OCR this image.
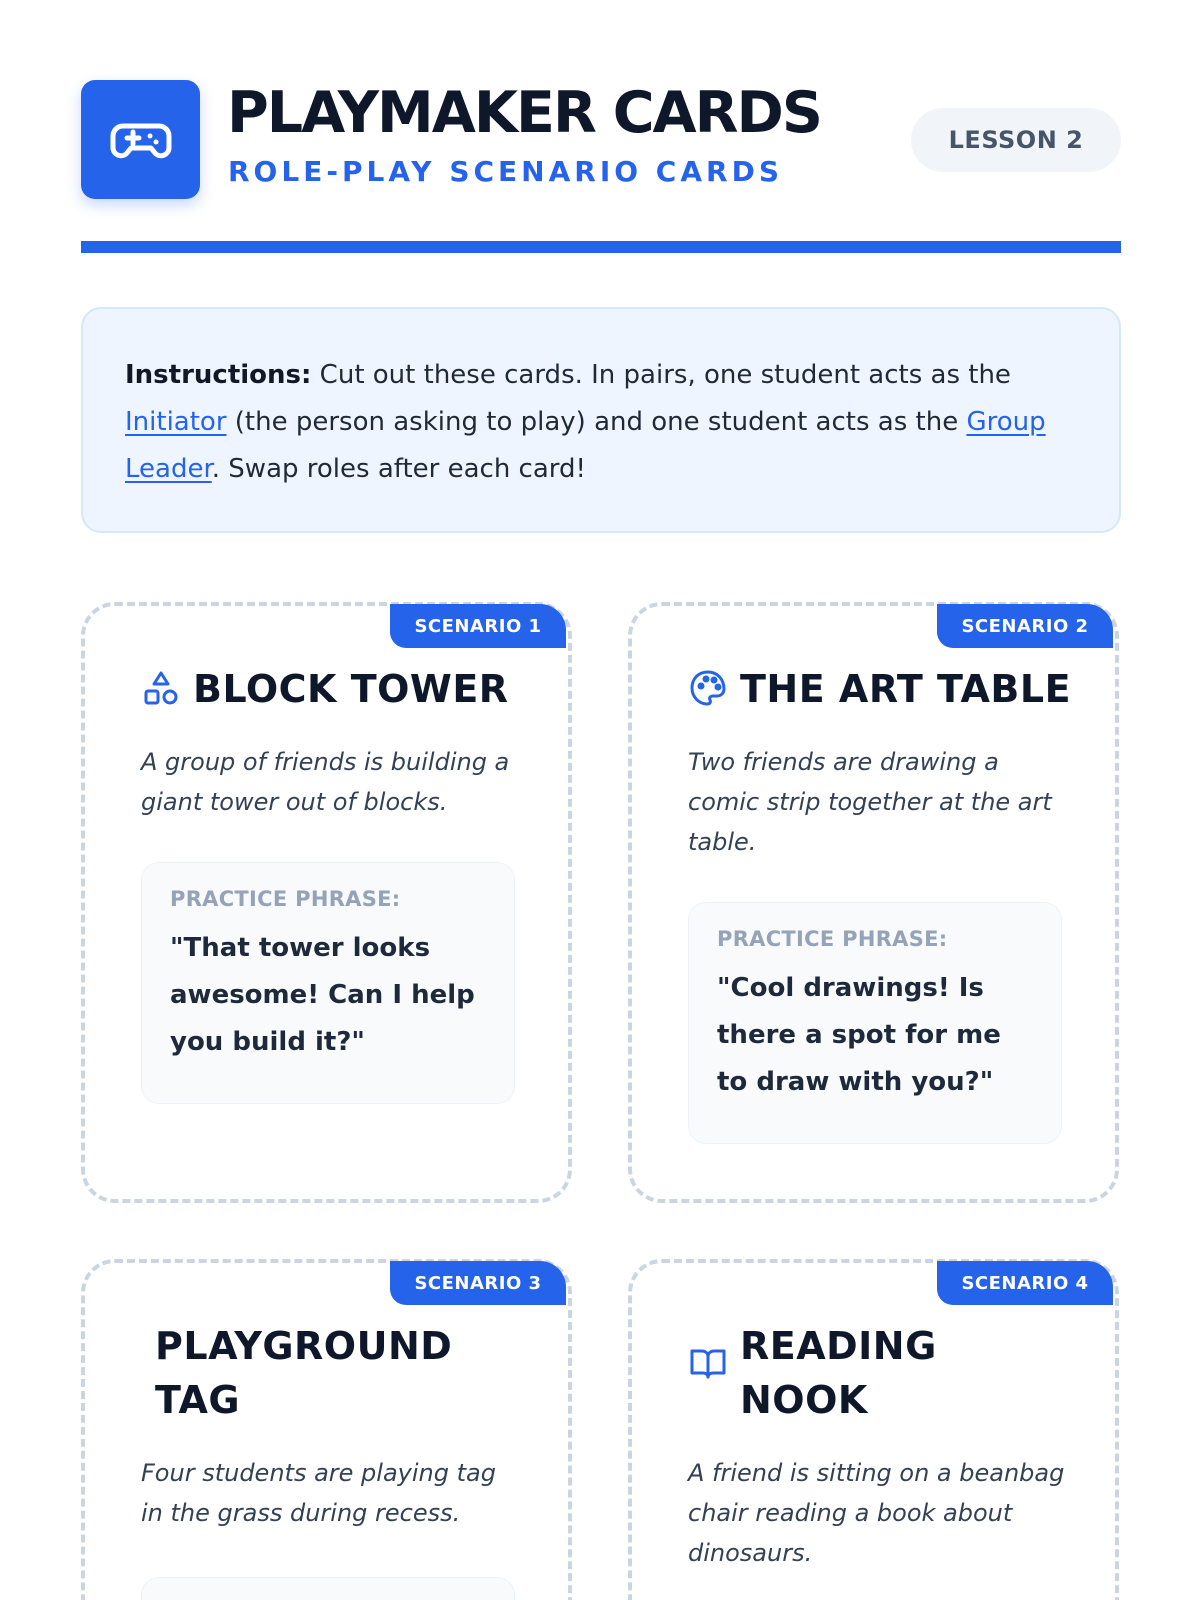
PLAYMAKER CARDS
ROLE-PLAY SCENARIO CARDS
LESSON 2
Instructions: Cut out these cards. In pairs, one student acts as the Initiator (the person asking to play) and one student acts as the Group Leader. Swap roles after each card!
SCENARIO 1
BLOCK TOWER
A group of friends is building a giant tower out of blocks.
PRACTICE PHRASE:
"That tower looks awesome! Can I help you build it?"
SCENARIO 2
THE ART TABLE
Two friends are drawing a comic strip together at the art table.
PRACTICE PHRASE:
"Cool drawings! Is there a spot for me to draw with you?"
SCENARIO 3
PLAYGROUND TAG
Four students are playing tag in the grass during recess.
SCENARIO 4
READING NOOK
A friend is sitting on a beanbag chair reading a book about dinosaurs.
